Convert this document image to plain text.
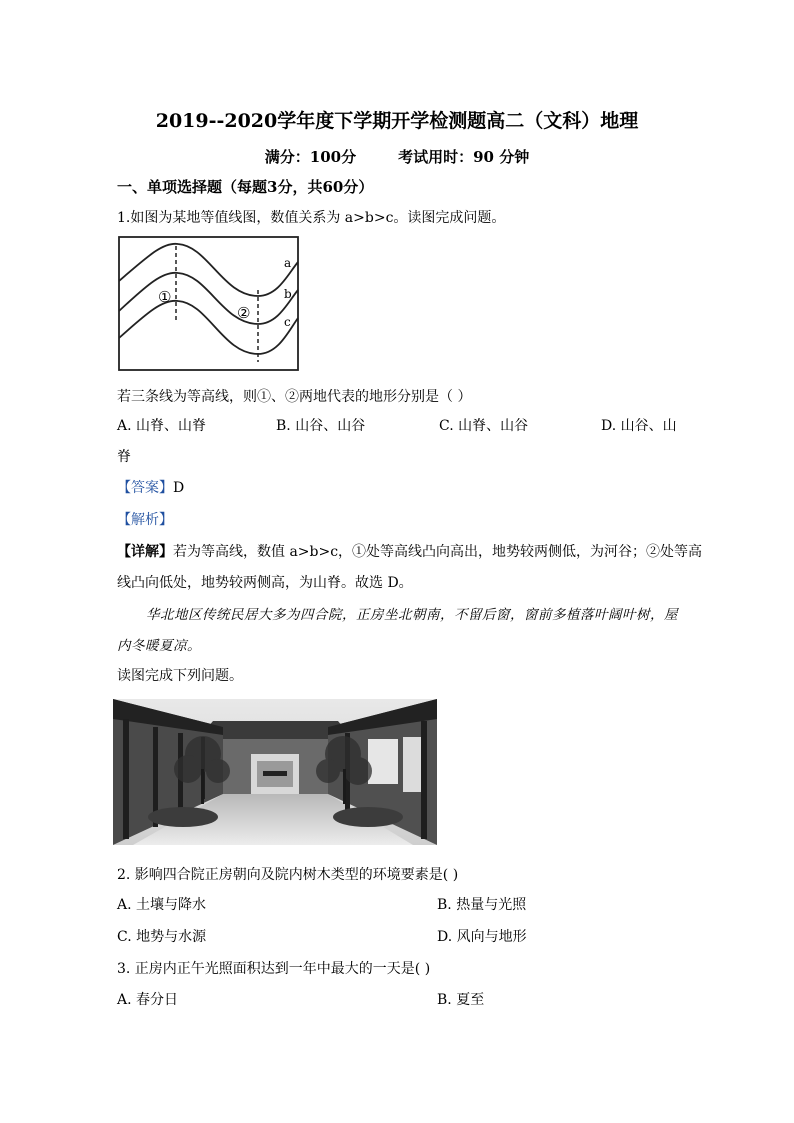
2019--2020学年度下学期开学检测题高二（文科）地理
满分：100分	考试用时：90 分钟
一、单项选择题（每题3分，共60分）
1.如图为某地等值线图，数值关系为 a>b>c。读图完成问题。
a
b
c
①
②
若三条线为等高线，则①、②两地代表的地形分别是（ ）
A. 山脊、山脊	B. 山谷、山谷	C. 山脊、山谷	D. 山谷、山
脊
【答案】D
【解析】
【详解】若为等高线，数值 a>b>c，①处等高线凸向高出，地势较两侧低，为河谷；②处等高
线凸向低处，地势较两侧高，为山脊。故选 D。
华北地区传统民居大多为四合院，正房坐北朝南，不留后窗，窗前多植落叶阔叶树，屋
内冬暖夏凉。
读图完成下列问题。
2. 影响四合院正房朝向及院内树木类型的环境要素是( )
A. 土壤与降水	B. 热量与光照
C. 地势与水源	D. 风向与地形
3. 正房内正午光照面积达到一年中最大的一天是( )
A. 春分日	B. 夏至
